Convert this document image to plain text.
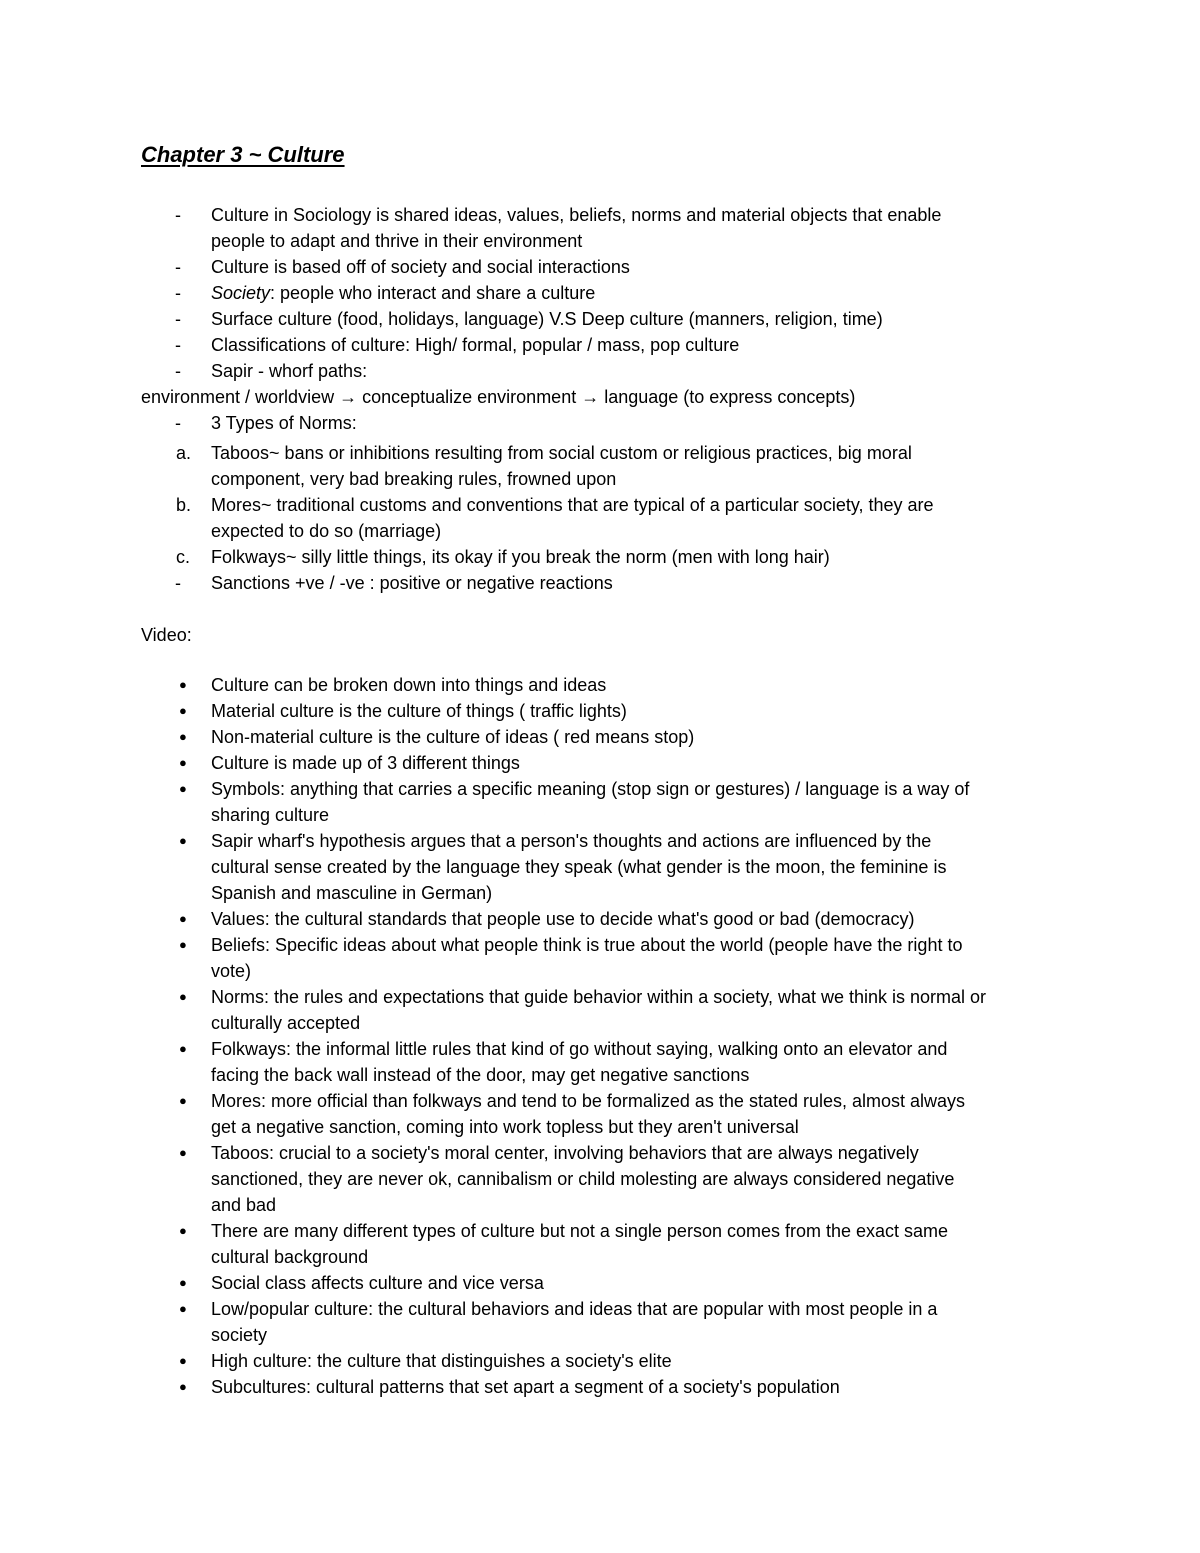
Chapter 3 ~ Culture
-	Culture in Sociology is shared ideas, values, beliefs, norms and material objects that enable
people to adapt and thrive in their environment
-	Culture is based off of society and social interactions
-	Society: people who interact and share a culture
-	Surface culture (food, holidays, language) V.S Deep culture (manners, religion, time)
-	Classifications of culture: High/ formal, popular / mass, pop culture
-	Sapir - whorf paths:
environment / worldview → conceptualize environment → language (to express concepts)
-	3 Types of Norms:
a.	Taboos~ bans or inhibitions resulting from social custom or religious practices, big moral
component, very bad breaking rules, frowned upon
b.	Mores~ traditional customs and conventions that are typical of a particular society, they are
expected to do so (marriage)
c.	Folkways~ silly little things, its okay if you break the norm (men with long hair)
-	Sanctions +ve / -ve : positive or negative reactions
Video:
●	Culture can be broken down into things and ideas
●	Material culture is the culture of things ( traffic lights)
●	Non-material culture is the culture of ideas ( red means stop)
●	Culture is made up of 3 different things
●	Symbols: anything that carries a specific meaning (stop sign or gestures) / language is a way of
sharing culture
●	Sapir wharf's hypothesis argues that a person's thoughts and actions are influenced by the
cultural sense created by the language they speak (what gender is the moon, the feminine is
Spanish and masculine in German)
●	Values: the cultural standards that people use to decide what's good or bad (democracy)
●	Beliefs: Specific ideas about what people think is true about the world (people have the right to
vote)
●	Norms: the rules and expectations that guide behavior within a society, what we think is normal or
culturally accepted
●	Folkways: the informal little rules that kind of go without saying, walking onto an elevator and
facing the back wall instead of the door, may get negative sanctions
●	Mores: more official than folkways and tend to be formalized as the stated rules, almost always
get a negative sanction, coming into work topless but they aren't universal
●	Taboos: crucial to a society's moral center, involving behaviors that are always negatively
sanctioned, they are never ok, cannibalism or child molesting are always considered negative
and bad
●	There are many different types of culture but not a single person comes from the exact same
cultural background
●	Social class affects culture and vice versa
●	Low/popular culture: the cultural behaviors and ideas that are popular with most people in a
society
●	High culture: the culture that distinguishes a society's elite
●	Subcultures: cultural patterns that set apart a segment of a society's population
